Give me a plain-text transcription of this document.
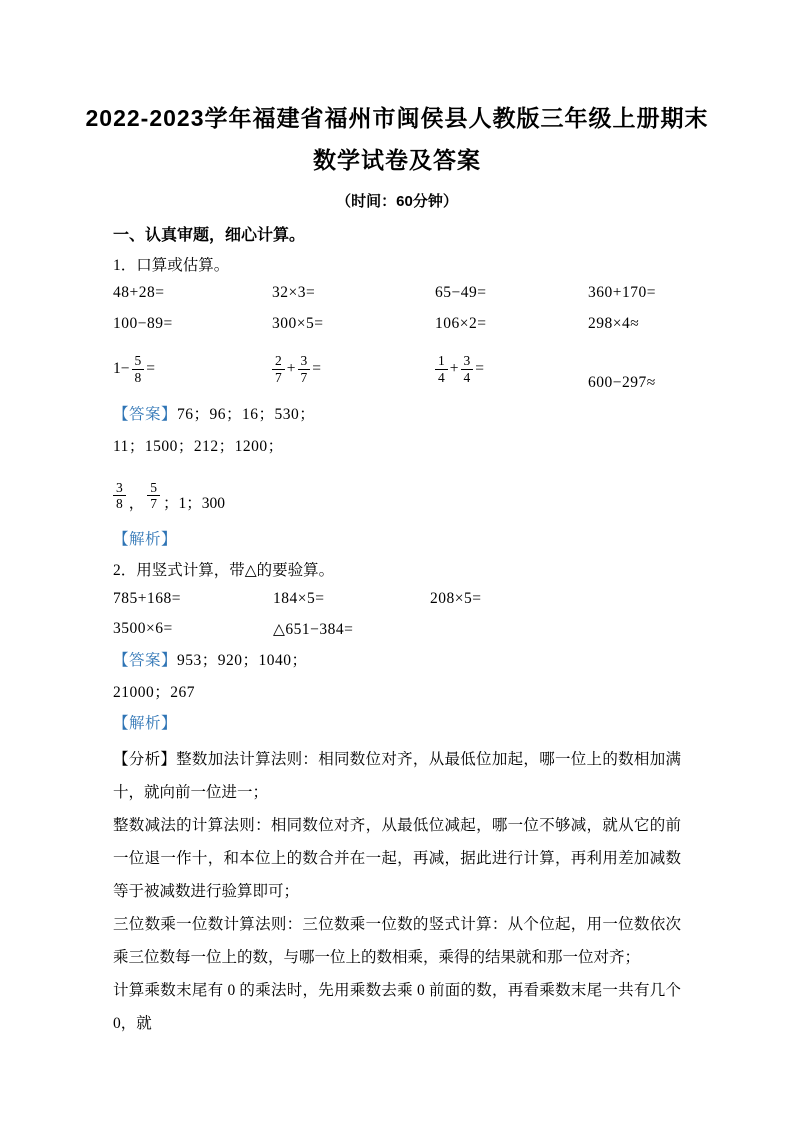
2022-2023学年福建省福州市闽侯县人教版三年级上册期末
数学试卷及答案
（时间：60分钟）
一、认真审题，细心计算。
1．口算或估算。
48+28=	32×3=	65−49=	360+170=
100−89=	300×5=	106×2=	298×4≈
$1- \frac{5}{8}$ =	$\frac{2}{7} + \frac{3}{7}$ =	$\frac{1}{4} + \frac{3}{4}$ =
600−297≈
【答案】76；96；16；530；
11；1500；212；1200；
$\frac{3}{8}$ ， $\frac{5}{7}$ ；1；300
【解析】
2．用竖式计算，带△的要验算。
785+168=	184×5=	208×5=
3500×6=	△651−384=
【答案】953；920；1040；
21000；267
【解析】

【分析】整数加法计算法则：相同数位对齐，从最低位加起，哪一位上的数相加满十，就向前一位进一；

整数减法的计算法则：相同数位对齐，从最低位减起，哪一位不够减，就从它的前一位退一作十，和本位上的数合并在一起，再减，据此进行计算，再利用差加减数等于被减数进行验算即可；

三位数乘一位数计算法则：三位数乘一位数的竖式计算：从个位起，用一位数依次乘三位数每一位上的数，与哪一位上的数相乘，乘得的结果就和那一位对齐；

计算乘数末尾有 0 的乘法时，先用乘数去乘 0 前面的数，再看乘数末尾一共有几个 0，就
